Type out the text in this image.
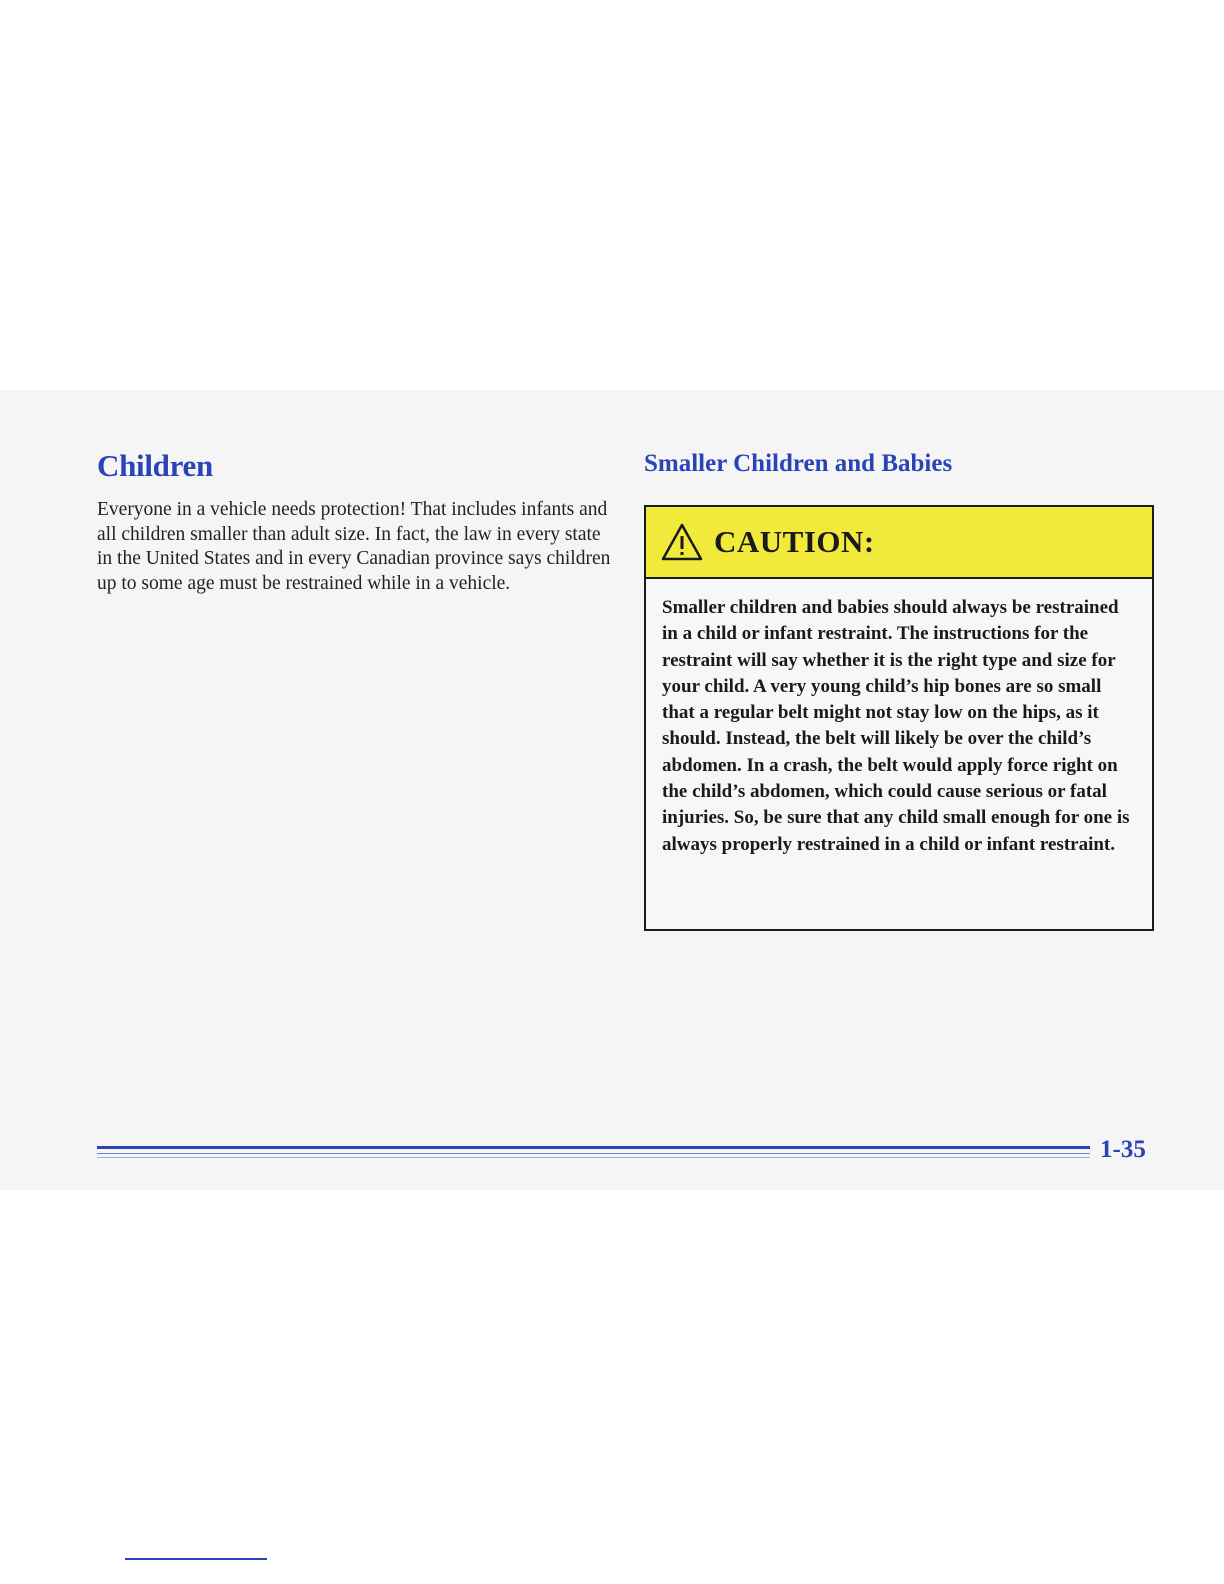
Children

Everyone in a vehicle needs protection! That includes infants and all children smaller than adult size. In fact, the law in every state in the United States and in every Canadian province says children up to some age must be restrained while in a vehicle.

Smaller Children and Babies
CAUTION:

Smaller children and babies should always be restrained in a child or infant restraint. The instructions for the restraint will say whether it is the right type and size for your child. A very young child’s hip bones are so small that a regular belt might not stay low on the hips, as it should. Instead, the belt will likely be over the child’s abdomen. In a crash, the belt would apply force right on the child’s abdomen, which could cause serious or fatal injuries. So, be sure that any child small enough for one is always properly restrained in a child or infant restraint.

1-35
